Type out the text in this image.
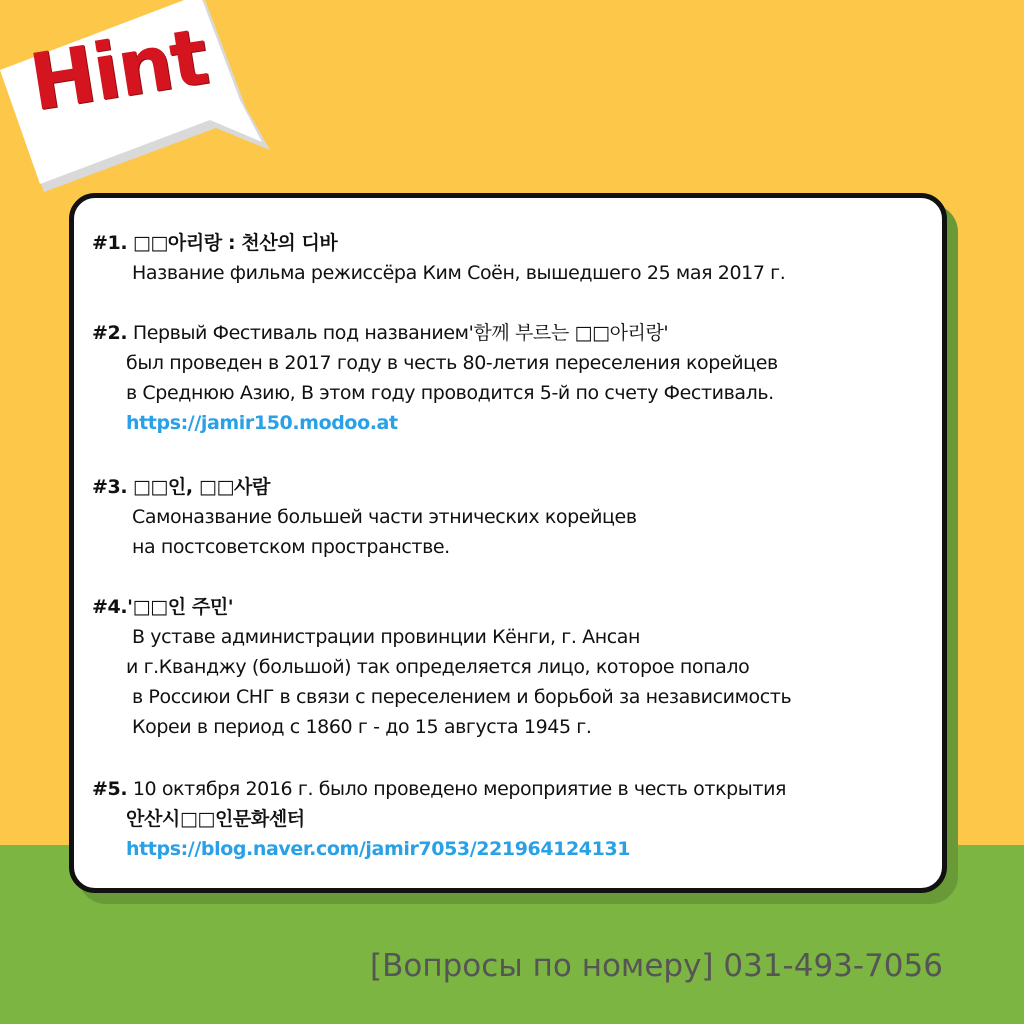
Hint
#1. □□아리랑 : 천산의 디바
Название фильма режиссёра Ким Соён, вышедшего 25 мая 2017 г.
#2. Первый Фестиваль под названием'함께 부르는 □□아리랑'
был проведен в 2017 году в честь 80-летия переселения корейцев
в Среднюю Азию, В этом году проводится 5-й по счету Фестиваль.
https://jamir150.modoo.at
#3. □□인, □□사람
Самоназвание большей части этнических корейцев
на постсоветском пространстве.
#4.'□□인 주민'
В уставе администрации провинции Кёнги, г. Ансан
и г.Кванджу (большой) так определяется лицо, которое попало
в Россиюи СНГ в связи с переселением и борьбой за независимость
Кореи в период с 1860 г - до 15 августа 1945 г.
#5. 10 октября 2016 г. было проведено мероприятие в честь открытия
안산시□□인문화센터
https://blog.naver.com/jamir7053/221964124131
[Вопросы по номеру] 031-493-7056
